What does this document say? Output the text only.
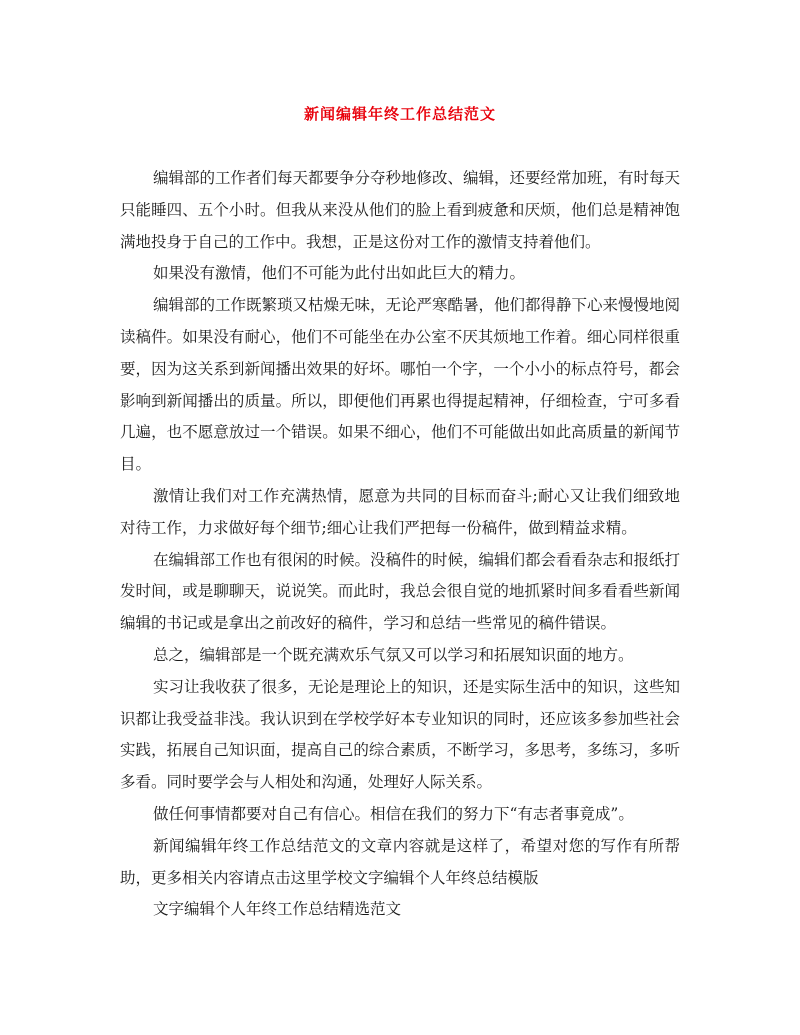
新闻编辑年终工作总结范文

编辑部的工作者们每天都要争分夺秒地修改、编辑，还要经常加班，有时每天只能睡四、五个小时。但我从来没从他们的脸上看到疲惫和厌烦，他们总是精神饱满地投身于自己的工作中。我想，正是这份对工作的激情支持着他们。

如果没有激情，他们不可能为此付出如此巨大的精力。

编辑部的工作既繁琐又枯燥无味，无论严寒酷暑，他们都得静下心来慢慢地阅读稿件。如果没有耐心，他们不可能坐在办公室不厌其烦地工作着。细心同样很重要，因为这关系到新闻播出效果的好坏。哪怕一个字，一个小小的标点符号，都会影响到新闻播出的质量。所以，即便他们再累也得提起精神，仔细检查，宁可多看几遍，也不愿意放过一个错误。如果不细心，他们不可能做出如此高质量的新闻节目。

激情让我们对工作充满热情，愿意为共同的目标而奋斗;耐心又让我们细致地对待工作，力求做好每个细节;细心让我们严把每一份稿件，做到精益求精。

在编辑部工作也有很闲的时候。没稿件的时候，编辑们都会看看杂志和报纸打发时间，或是聊聊天，说说笑。而此时，我总会很自觉的地抓紧时间多看看些新闻编辑的书记或是拿出之前改好的稿件，学习和总结一些常见的稿件错误。

总之，编辑部是一个既充满欢乐气氛又可以学习和拓展知识面的地方。

实习让我收获了很多，无论是理论上的知识，还是实际生活中的知识，这些知识都让我受益非浅。我认识到在学校学好本专业知识的同时，还应该多参加些社会实践，拓展自己知识面，提高自己的综合素质，不断学习，多思考，多练习，多听多看。同时要学会与人相处和沟通，处理好人际关系。

做任何事情都要对自己有信心。相信在我们的努力下“有志者事竟成”。

新闻编辑年终工作总结范文的文章内容就是这样了，希望对您的写作有所帮助，更多相关内容请点击这里学校文字编辑个人年终总结模版

文字编辑个人年终工作总结精选范文
